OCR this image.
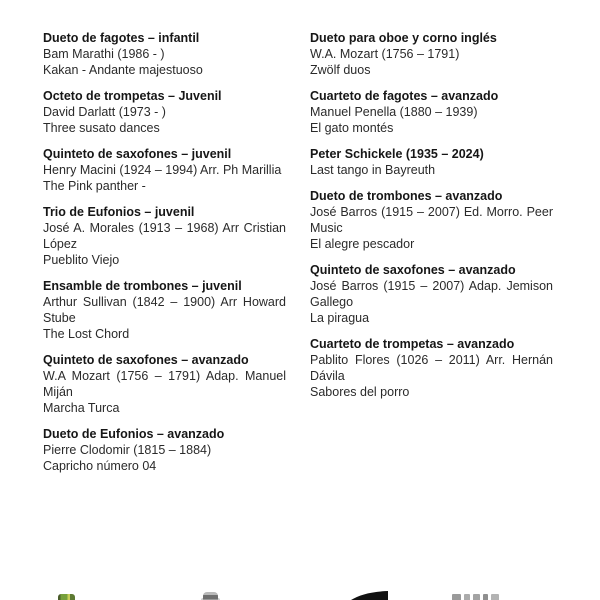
Dueto de fagotes – infantil

Bam Marathi (1986 - )

Kakan - Andante majestuoso

Octeto de trompetas – Juvenil

David Darlatt (1973 - )

Three susato dances

Quinteto de saxofones – juvenil

Henry Macini (1924 – 1994) Arr. Ph Marillia

The Pink panther -

Trio de Eufonios – juvenil

José A. Morales (1913 – 1968) Arr Cristian López

Pueblito Viejo

Ensamble de trombones – juvenil

Arthur Sullivan (1842 – 1900) Arr Howard Stube

The Lost Chord

Quinteto de saxofones – avanzado

W.A Mozart (1756 – 1791) Adap. Manuel Miján

Marcha Turca

Dueto de Eufonios – avanzado

Pierre Clodomir (1815 – 1884)

Capricho número 04

Dueto para oboe y corno inglés

W.A. Mozart (1756 – 1791)

Zwölf duos

Cuarteto de fagotes – avanzado

Manuel Penella (1880 – 1939)

El gato montés

Peter Schickele (1935 – 2024)

Last tango in Bayreuth

Dueto de trombones – avanzado

José Barros (1915 – 2007) Ed. Morro. Peer Music

El alegre pescador

Quinteto de saxofones – avanzado

José Barros (1915 – 2007) Adap. Jemison Gallego

La piragua

Cuarteto de trompetas – avanzado

Pablito Flores (1026 – 2011) Arr. Hernán Dávila

Sabores del porro
